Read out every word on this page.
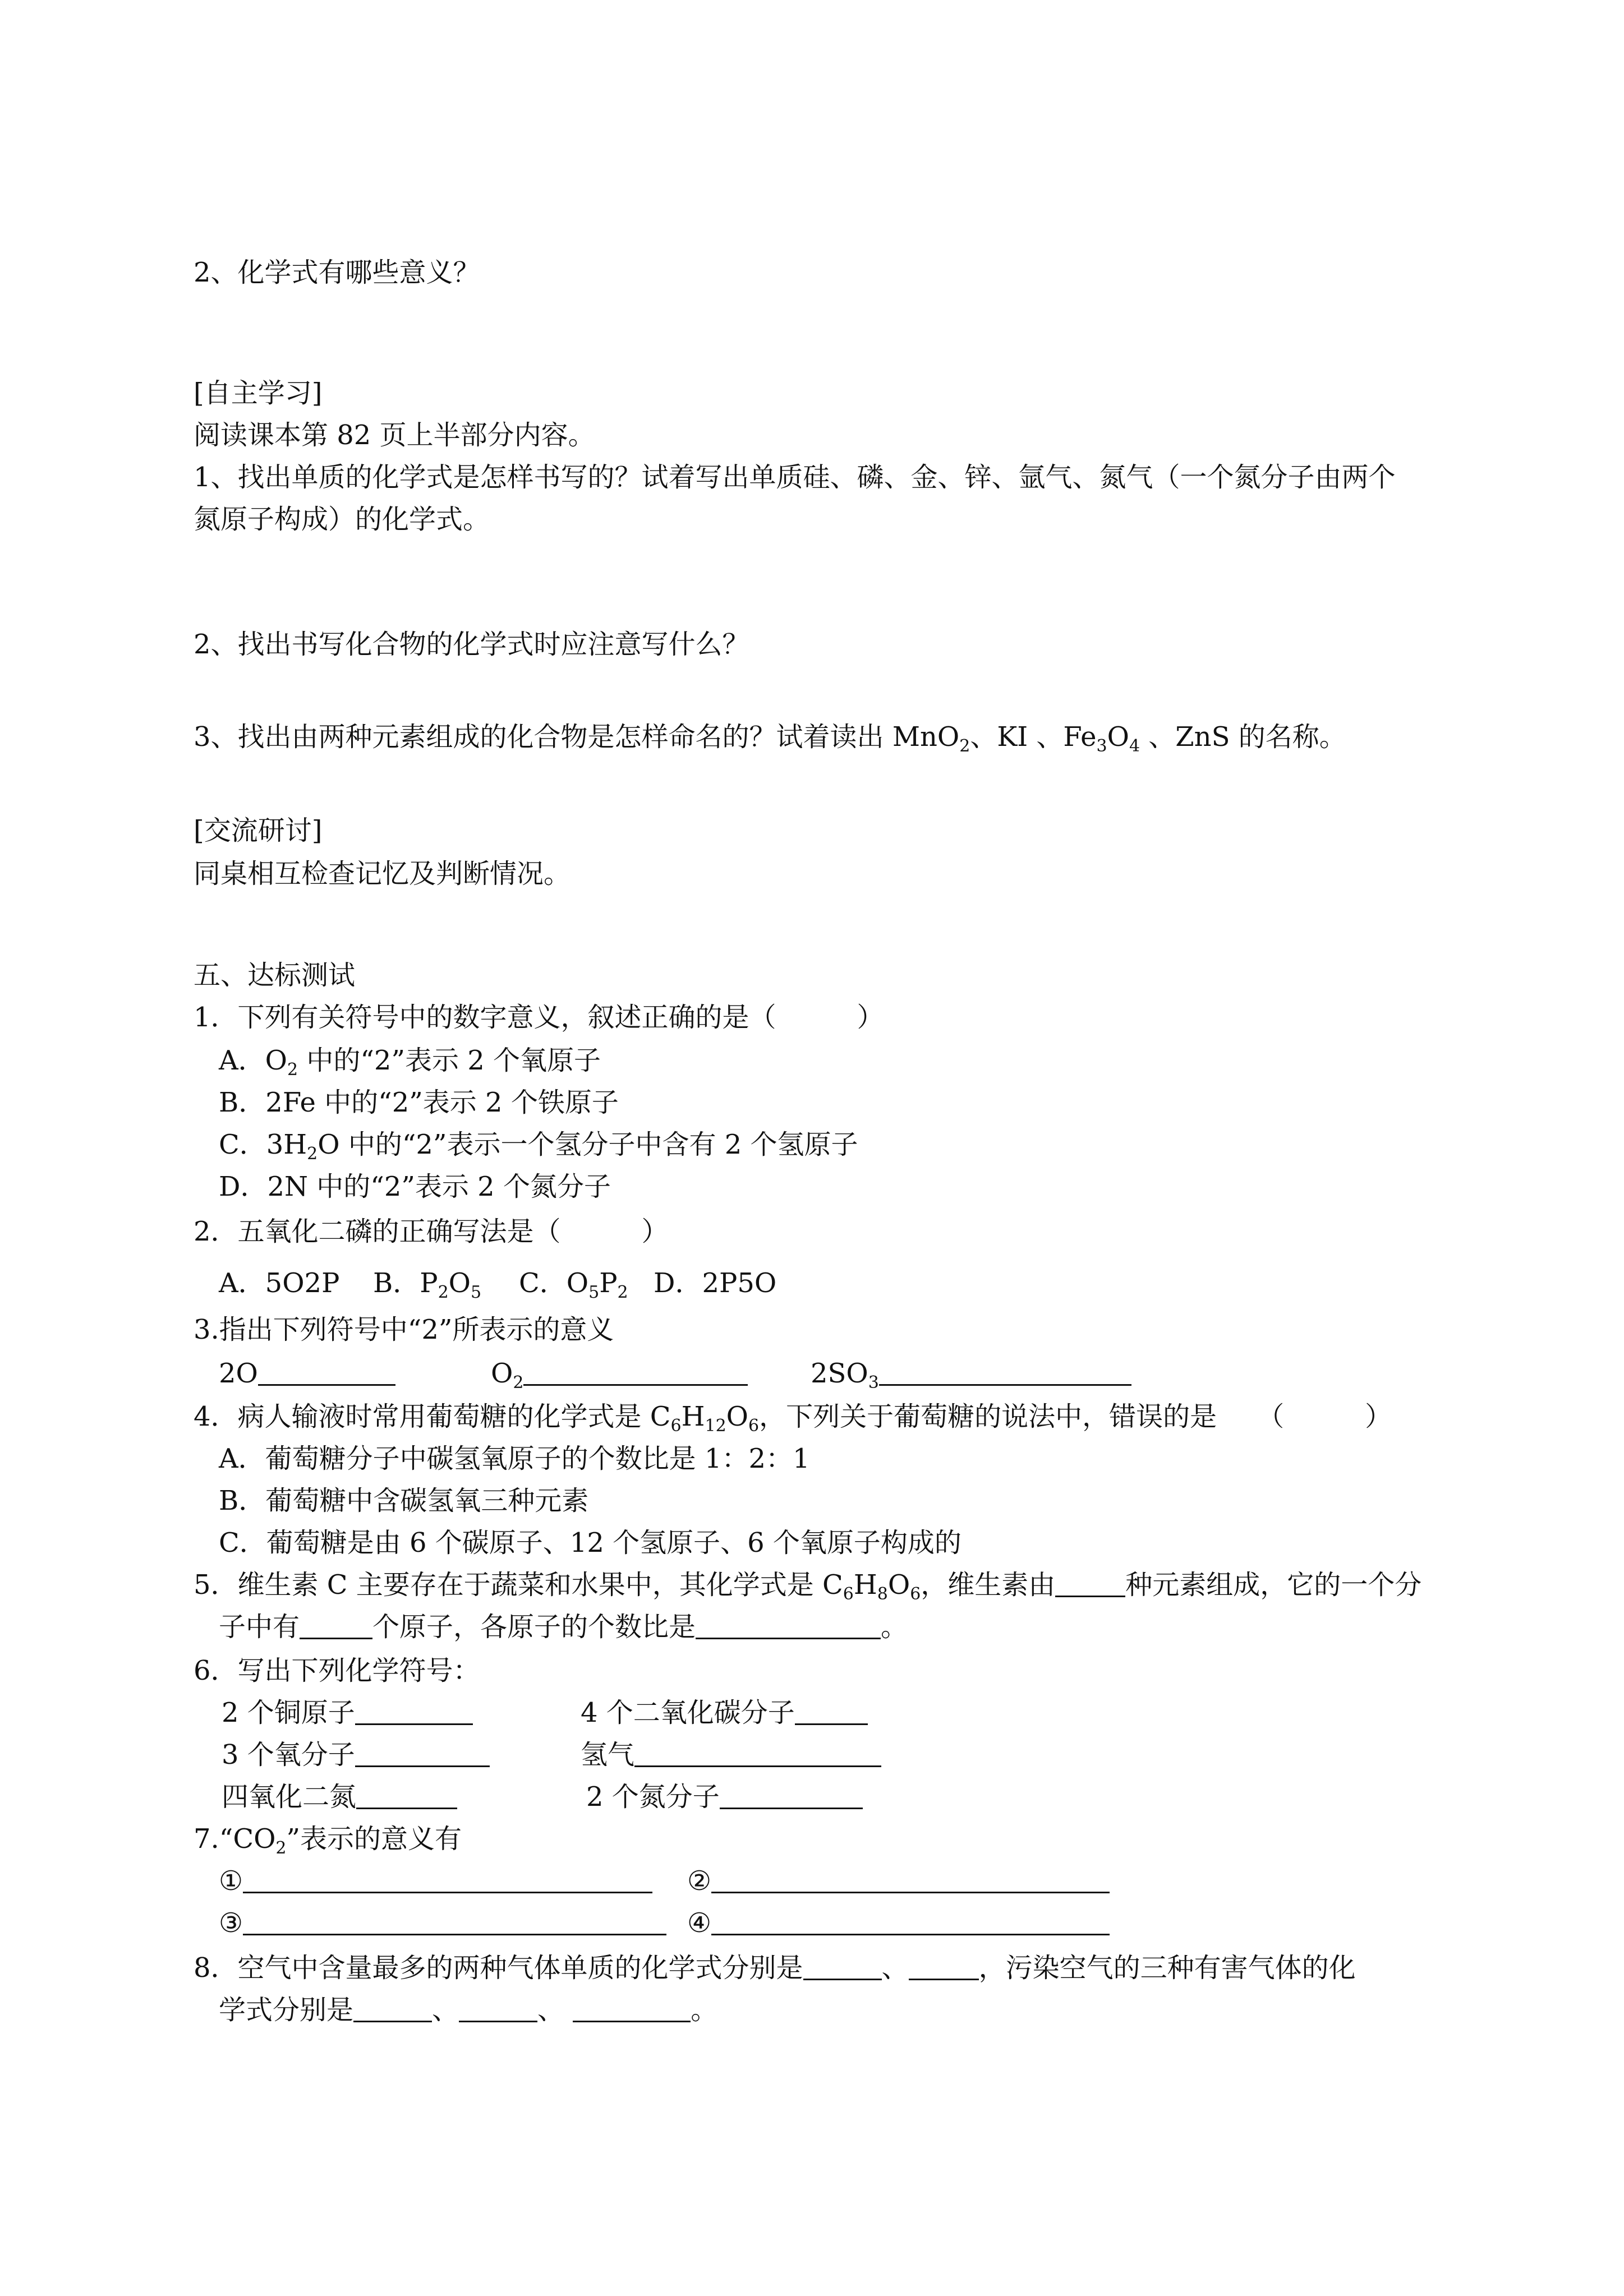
2、化学式有哪些意义？
[自主学习]
阅读课本第 82 页上半部分内容。
1、找出单质的化学式是怎样书写的？试着写出单质硅、磷、金、锌、氩气、氮气（一个氮分子由两个
氮原子构成）的化学式。
2、找出书写化合物的化学式时应注意写什么？
3、找出由两种元素组成的化合物是怎样命名的？试着读出 MnO$_2$、KI 、$Fe_3O_4$ 、ZnS 的名称。
[交流研讨]
同桌相互检查记忆及判断情况。
五、达标测试
1．下列有关符号中的数字意义，叙述正确的是（　　　）
A．$O_2$ 中的“2”表示 2 个氧原子
B．2Fe 中的“2”表示 2 个铁原子
C．$3H_2O$ 中的“2”表示一个氢分子中含有 2 个氢原子
D．2N 中的“2”表示 2 个氮分子
2．五氧化二磷的正确写法是（　　　）
A．5O2P B．$P_2O_5$ C．$O_5P_2$ D．2P5O
3.指出下列符号中“2”所表示的意义
2O	$O_2$	$2SO_3$
4．病人输液时常用葡萄糖的化学式是 $C_6H_{12}O_6$，下列关于葡萄糖的说法中，错误的是　　（　　　）
A．葡萄糖分子中碳氢氧原子的个数比是 1：2：1
B．葡萄糖中含碳氢氧三种元素
C．葡萄糖是由 6 个碳原子、12 个氢原子、6 个氧原子构成的
5．维生素 C 主要存在于蔬菜和水果中，其化学式是 $C_6H_8O_6$，维生素由	种元素组成，它的一个分
子中有	个原子，各原子的个数比是	。
6．写出下列化学符号：
2 个铜原子	4 个二氧化碳分子
3 个氧分子	氢气
四氧化二氮	2 个氮分子
$7.“CO_2$”表示的意义有
①	②
③	④
8．空气中含量最多的两种气体单质的化学式分别是	、	，污染空气的三种有害气体的化
学式分别是	、	、	。
